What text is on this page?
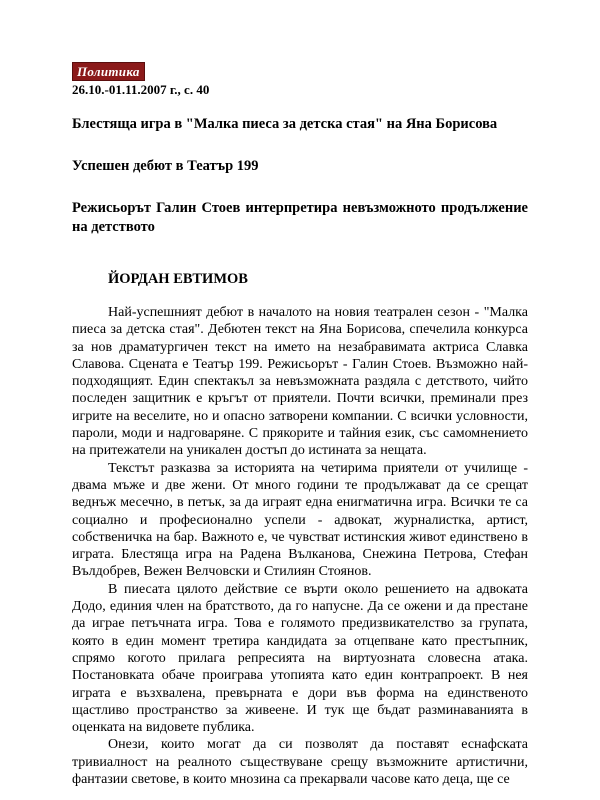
Политика
26.10.-01.11.2007 г., с. 40

Блестяща игра в "Малка пиеса за детска стая" на Яна Борисова

Успешен дебют в Театър 199

Режисьорът Галин Стоев интерпретира невъзможното продължение на детството

ЙОРДАН ЕВТИМОВ

Най-успешният дебют в началото на новия театрален сезон - "Малка пиеса за детска стая". Дебютен текст на Яна Борисова, спечелила конкурса за нов драматургичен текст на името на незабравимата актриса Славка Славова. Сцената е Театър 199. Режисьорът - Галин Стоев. Възможно най-подходящият. Един спектакъл за невъзможната раздяла с детството, чийто последен защитник е кръгът от приятели. Почти всички, преминали през игрите на веселите, но и опасно затворени компании. С всички условности, пароли, моди и надговаряне. С прякорите и тайния език, със самомнението на притежатели на уникален достъп до истината за нещата.

Текстът разказва за историята на четирима приятели от училище - двама мъже и две жени. От много години те продължават да се срещат веднъж месечно, в петък, за да играят една енигматична игра. Всички те са социално и професионално успели - адвокат, журналистка, артист, собственичка на бар. Важното е, че чувстват истинския живот единствено в играта. Блестяща игра на Радена Вълканова, Снежина Петрова, Стефан Вълдобрев, Вежен Велчовски и Стилиян Стоянов.

В пиесата цялото действие се върти около решението на адвоката Додо, единия член на братството, да го напусне. Да се ожени и да престане да играе петъчната игра. Това е голямото предизвикателство за групата, която в един момент третира кандидата за отцепване като престъпник, спрямо когото прилага репресията на виртуозната словесна атака. Постановката обаче проиграва утопията като един контрапроект. В нея играта е възхвалена, превърната е дори във форма на единственото щастливо пространство за живеене. И тук ще бъдат разминаванията в оценката на видовете публика.

Онези, които могат да си позволят да поставят еснафската тривиалност на реалното съществуване срещу възможните артистични, фантазии светове, в които мнозина са прекарвали часове като деца, ще се
